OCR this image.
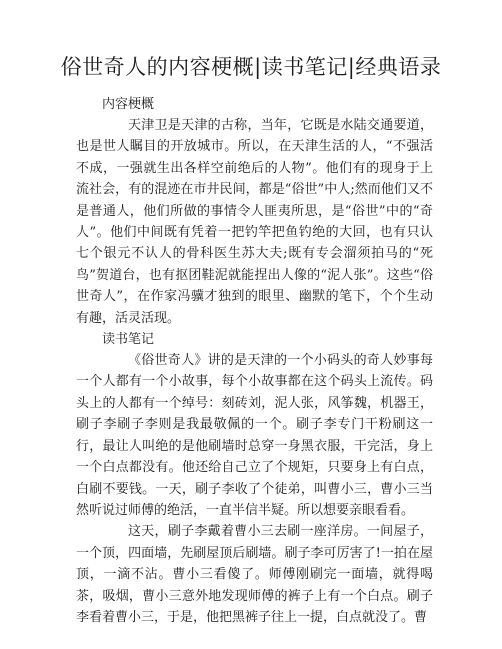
俗世奇人的内容梗概|读书笔记|经典语录

内容梗概

天津卫是天津的古称，当年，它既是水陆交通要道，也是世人瞩目的开放城市。所以，在天津生活的人，“不强活不成，一强就生出各样空前绝后的人物”。他们有的现身于上流社会，有的混迹在市井民间，都是“俗世”中人;然而他们又不是普通人，他们所做的事情令人匪夷所思，是“俗世”中的“奇人”。他们中间既有凭着一把钓竿把鱼钓绝的大回，也有只认七个银元不认人的骨科医生苏大夫;既有专会溜须拍马的“死鸟”贺道台，也有抠团鞋泥就能捏出人像的“泥人张”。这些“俗世奇人”，在作家冯骥才独到的眼里、幽默的笔下，个个生动有趣，活灵活现。

读书笔记

《俗世奇人》讲的是天津的一个小码头的奇人妙事每一个人都有一个小故事，每个小故事都在这个码头上流传。码头上的人都有一个绰号：刻砖刘，泥人张，风筝魏，机器王，刷子李刷子李则是我最敬佩的一个。刷子李专门干粉刷这一行，最让人叫绝的是他刷墙时总穿一身黑衣服，干完活，身上一个白点都没有。他还给自己立了个规矩，只要身上有白点，白刷不要钱。一天，刷子李收了个徒弟，叫曹小三，曹小三当然听说过师傅的绝活，一直半信半疑。所以想要亲眼看看。

这天，刷子李戴着曹小三去刷一座洋房。一间屋子，一个顶，四面墙，先刷屋顶后刷墙。刷子李可厉害了!一拍在屋顶，一滴不沾。曹小三看傻了。师傅刚刷完一面墙，就得喝茶，吸烟，曹小三意外地发现师傅的裤子上有一个白点。刷子李看着曹小三，于是，他把黑裤子往上一提，白点就没了。曹
